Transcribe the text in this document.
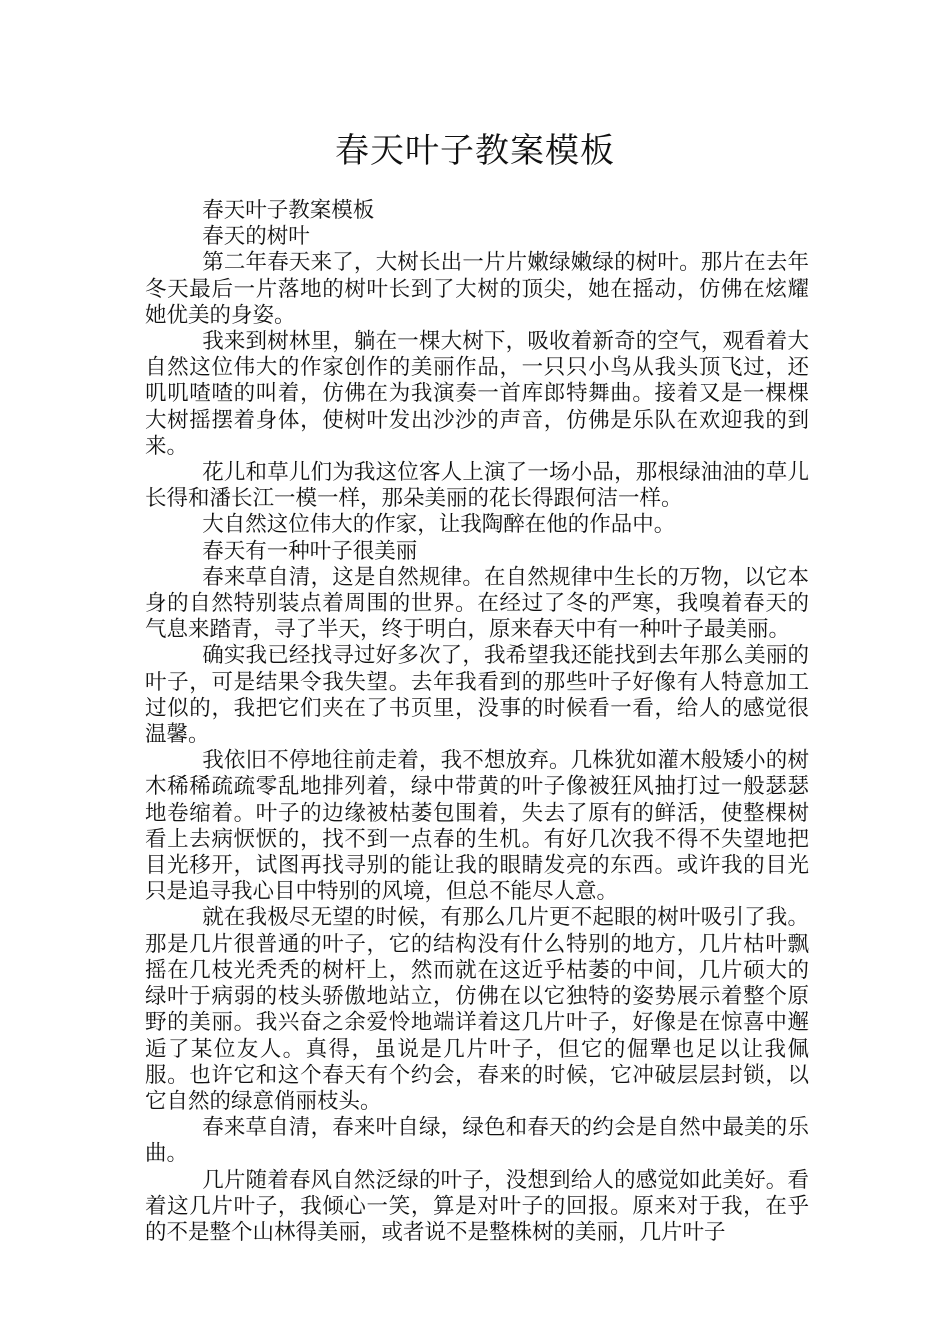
春天叶子教案模板

春天叶子教案模板

春天的树叶

第二年春天来了，大树长出一片片嫩绿嫩绿的树叶。那片在去年冬天最后一片落地的树叶长到了大树的顶尖，她在摇动，仿佛在炫耀她优美的身姿。

我来到树林里，躺在一棵大树下，吸收着新奇的空气，观看着大自然这位伟大的作家创作的美丽作品，一只只小鸟从我头顶飞过，还叽叽喳喳的叫着，仿佛在为我演奏一首库郎特舞曲。接着又是一棵棵大树摇摆着身体，使树叶发出沙沙的声音，仿佛是乐队在欢迎我的到来。

花儿和草儿们为我这位客人上演了一场小品，那根绿油油的草儿长得和潘长江一模一样，那朵美丽的花长得跟何洁一样。

大自然这位伟大的作家，让我陶醉在他的作品中。

春天有一种叶子很美丽

春来草自清，这是自然规律。在自然规律中生长的万物，以它本身的自然特别装点着周围的世界。在经过了冬的严寒，我嗅着春天的气息来踏青，寻了半天，终于明白，原来春天中有一种叶子最美丽。

确实我已经找寻过好多次了，我希望我还能找到去年那么美丽的叶子，可是结果令我失望。去年我看到的那些叶子好像有人特意加工过似的，我把它们夹在了书页里，没事的时候看一看，给人的感觉很温馨。

我依旧不停地往前走着，我不想放弃。几株犹如灌木般矮小的树木稀稀疏疏零乱地排列着，绿中带黄的叶子像被狂风抽打过一般瑟瑟地卷缩着。叶子的边缘被枯萎包围着，失去了原有的鲜活，使整棵树看上去病恹恹的，找不到一点春的生机。有好几次我不得不失望地把目光移开，试图再找寻别的能让我的眼睛发亮的东西。或许我的目光只是追寻我心目中特别的风境，但总不能尽人意。

就在我极尽无望的时候，有那么几片更不起眼的树叶吸引了我。那是几片很普通的叶子，它的结构没有什么特别的地方，几片枯叶飘摇在几枝光秃秃的树杆上，然而就在这近乎枯萎的中间，几片硕大的绿叶于病弱的枝头骄傲地站立，仿佛在以它独特的姿势展示着整个原野的美丽。我兴奋之余爱怜地端详着这几片叶子，好像是在惊喜中邂逅了某位友人。真得，虽说是几片叶子，但它的倔犟也足以让我佩服。也许它和这个春天有个约会，春来的时候，它冲破层层封锁，以它自然的绿意俏丽枝头。

春来草自清，春来叶自绿，绿色和春天的约会是自然中最美的乐曲。

几片随着春风自然泛绿的叶子，没想到给人的感觉如此美好。看着这几片叶子，我倾心一笑，算是对叶子的回报。原来对于我，在乎的不是整个山林得美丽，或者说不是整株树的美丽，几片叶子
